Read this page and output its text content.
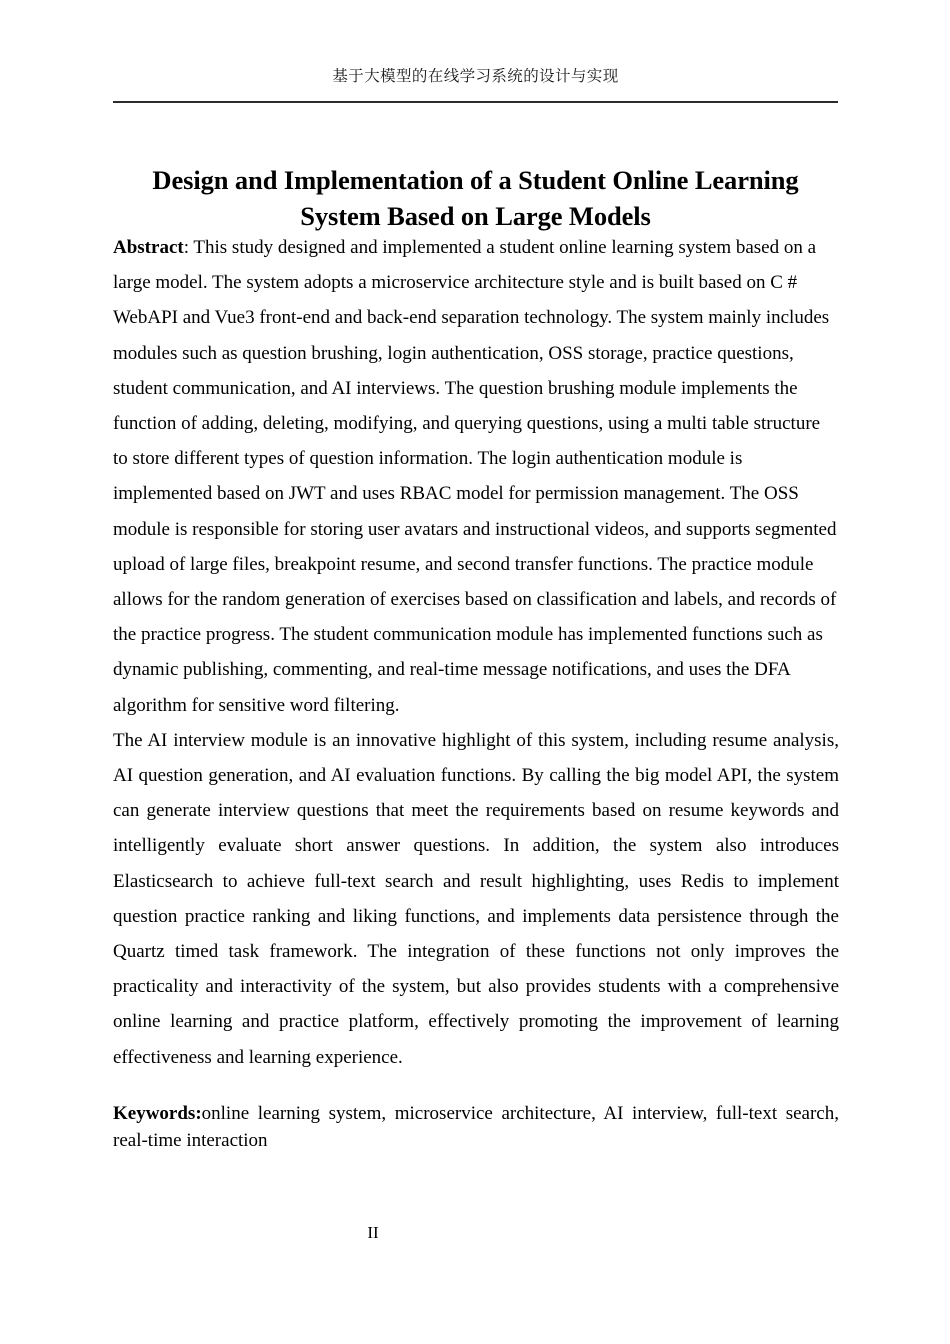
基于大模型的在线学习系统的设计与实现
Design and Implementation of a Student Online Learning System Based on Large Models

Abstract: This study designed and implemented a student online learning system based on a large model. The system adopts a microservice architecture style and is built based on C # WebAPI and Vue3 front-end and back-end separation technology. The system mainly includes modules such as question brushing, login authentication, OSS storage, practice questions, student communication, and AI interviews. The question brushing module implements the function of adding, deleting, modifying, and querying questions, using a multi table structure to store different types of question information. The login authentication module is implemented based on JWT and uses RBAC model for permission management. The OSS module is responsible for storing user avatars and instructional videos, and supports segmented upload of large files, breakpoint resume, and second transfer functions. The practice module allows for the random generation of exercises based on classification and labels, and records of the practice progress. The student communication module has implemented functions such as dynamic publishing, commenting, and real-time message notifications, and uses the DFA algorithm for sensitive word filtering.

The AI interview module is an innovative highlight of this system, including resume analysis, AI question generation, and AI evaluation functions. By calling the big model API, the system can generate interview questions that meet the requirements based on resume keywords and intelligently evaluate short answer questions. In addition, the system also introduces Elasticsearch to achieve full-text search and result highlighting, uses Redis to implement question practice ranking and liking functions, and implements data persistence through the Quartz timed task framework. The integration of these functions not only improves the practicality and interactivity of the system, but also provides students with a comprehensive online learning and practice platform, effectively promoting the improvement of learning effectiveness and learning experience.

Keywords:online learning system, microservice architecture, AI interview, full-text search, real-time interaction

II
